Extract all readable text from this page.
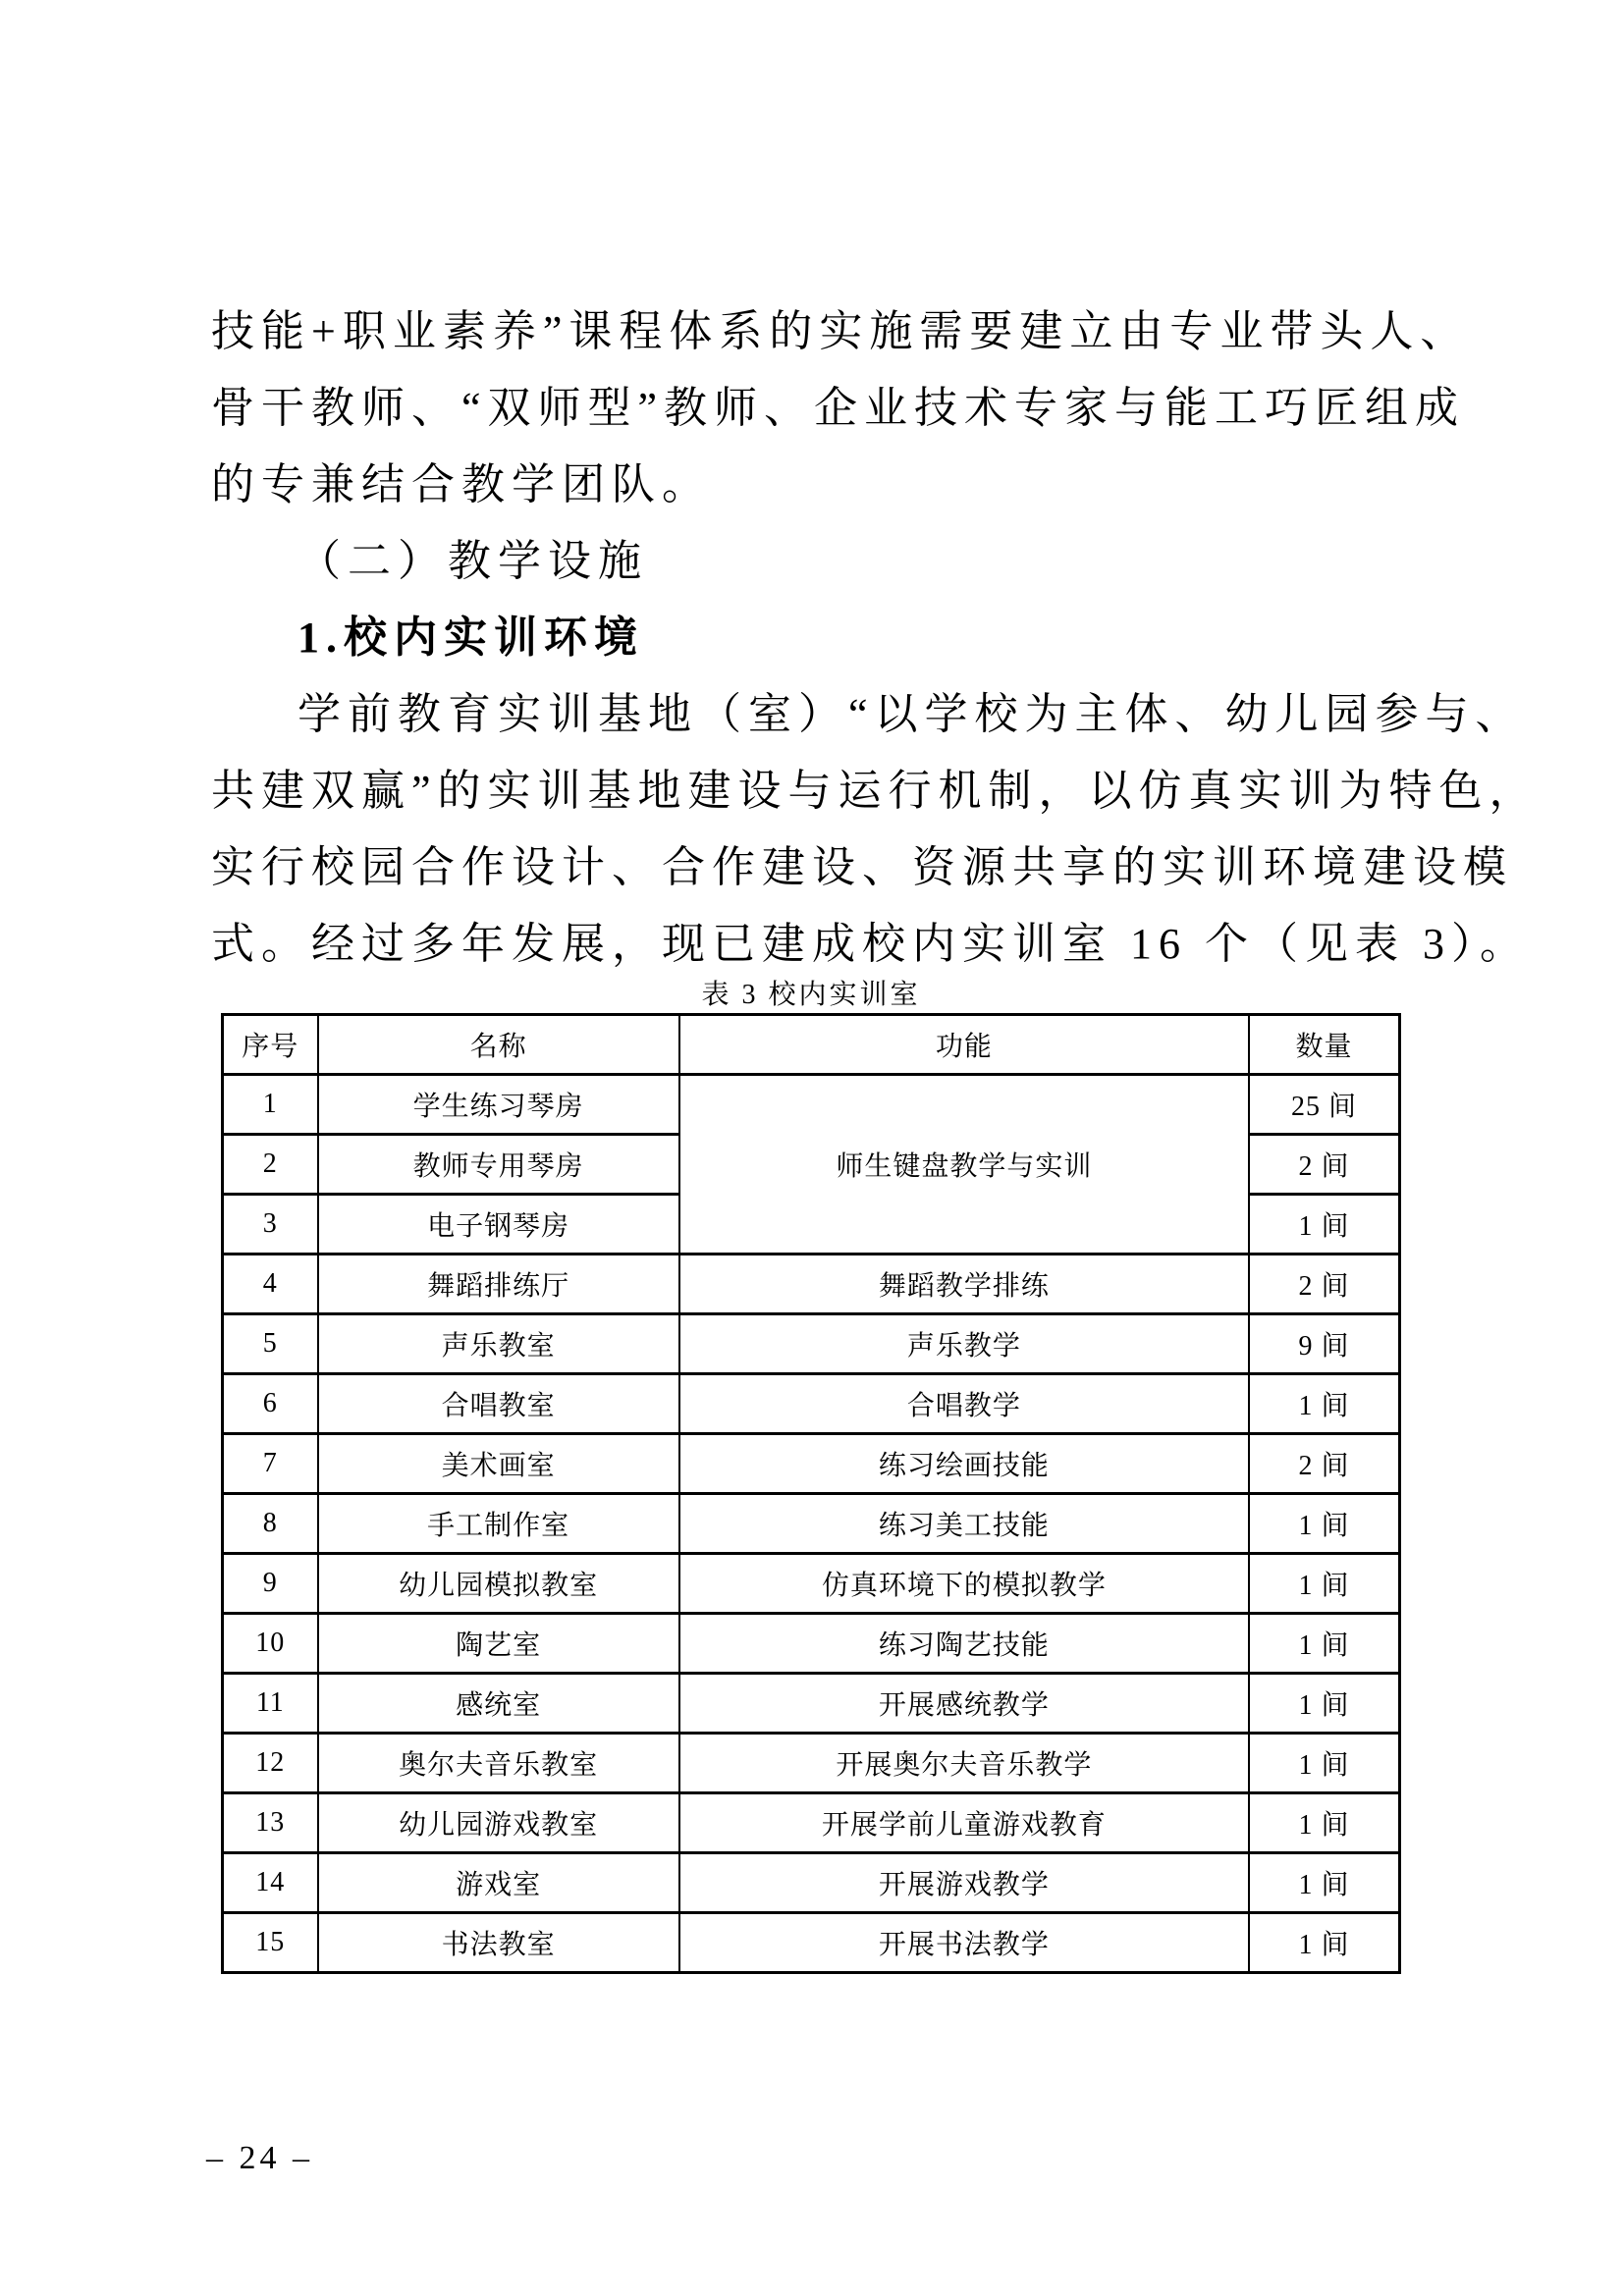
技能+职业素养”课程体系的实施需要建立由专业带头人、
骨干教师、“双师型”教师、企业技术专家与能工巧匠组成
的专兼结合教学团队。
（二）教学设施
1.校内实训环境
学前教育实训基地（室）“以学校为主体、幼儿园参与、
共建双赢”的实训基地建设与运行机制，以仿真实训为特色，
实行校园合作设计、合作建设、资源共享的实训环境建设模
式。经过多年发展，现已建成校内实训室 16 个（见表 3）。
表 3 校内实训室
序号	名称	功能	数量
1	学生练习琴房	师生键盘教学与实训	25 间
2	教师专用琴房		2 间
3	电子钢琴房		1 间
4	舞蹈排练厅	舞蹈教学排练	2 间
5	声乐教室	声乐教学	9 间
6	合唱教室	合唱教学	1 间
7	美术画室	练习绘画技能	2 间
8	手工制作室	练习美工技能	1 间
9	幼儿园模拟教室	仿真环境下的模拟教学	1 间
10	陶艺室	练习陶艺技能	1 间
11	感统室	开展感统教学	1 间
12	奥尔夫音乐教室	开展奥尔夫音乐教学	1 间
13	幼儿园游戏教室	开展学前儿童游戏教育	1 间
14	游戏室	开展游戏教学	1 间
15	书法教室	开展书法教学	1 间
– 24 –
